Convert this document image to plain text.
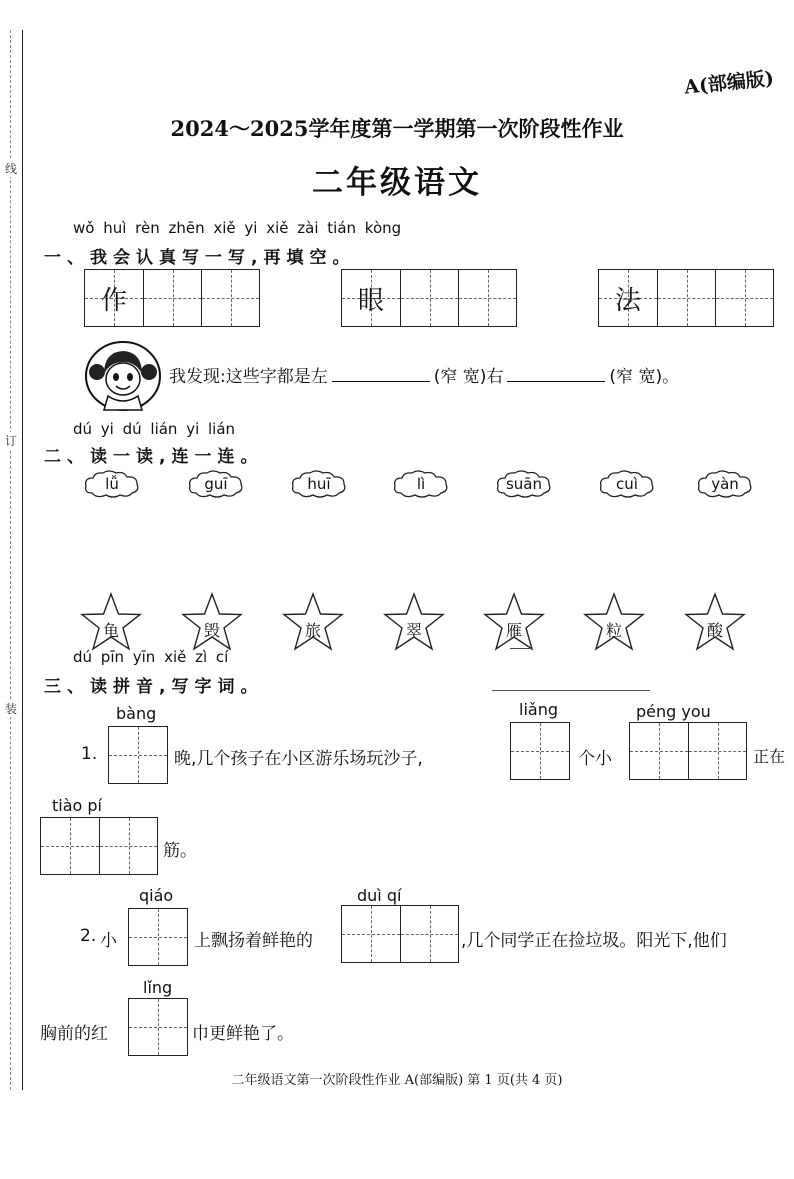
线
订
装
A(部编版)
2024～2025学年度第一学期第一次阶段性作业
二年级语文
wǒ huì rèn zhēn xiě yi xiě zài tián kòng
一、我会认真写一写,再填空。
作	眼	法
我发现:这些字都是左	(窄 宽)右	(窄 宽)。
dú yi dú lián yi lián
二、读一读,连一连。
lǚ	guī	huī	lì	suān	cuì	yàn
龟	毁	旅	翠	雁	粒	酸
dú pīn yīn xiě zì cí
三、读拼音,写字词。
bàng
1.	晚,几个孩子在小区游乐场玩沙子,
liǎng
个小
péng you
正在
tiào pí
筋。
2. 小
qiáo
上飘扬着鲜艳的
duì qí
,几个同学正在捡垃圾。阳光下,他们
lǐng
胸前的红	巾更鲜艳了。
二年级语文第一次阶段性作业 A(部编版) 第 1 页(共 4 页)
